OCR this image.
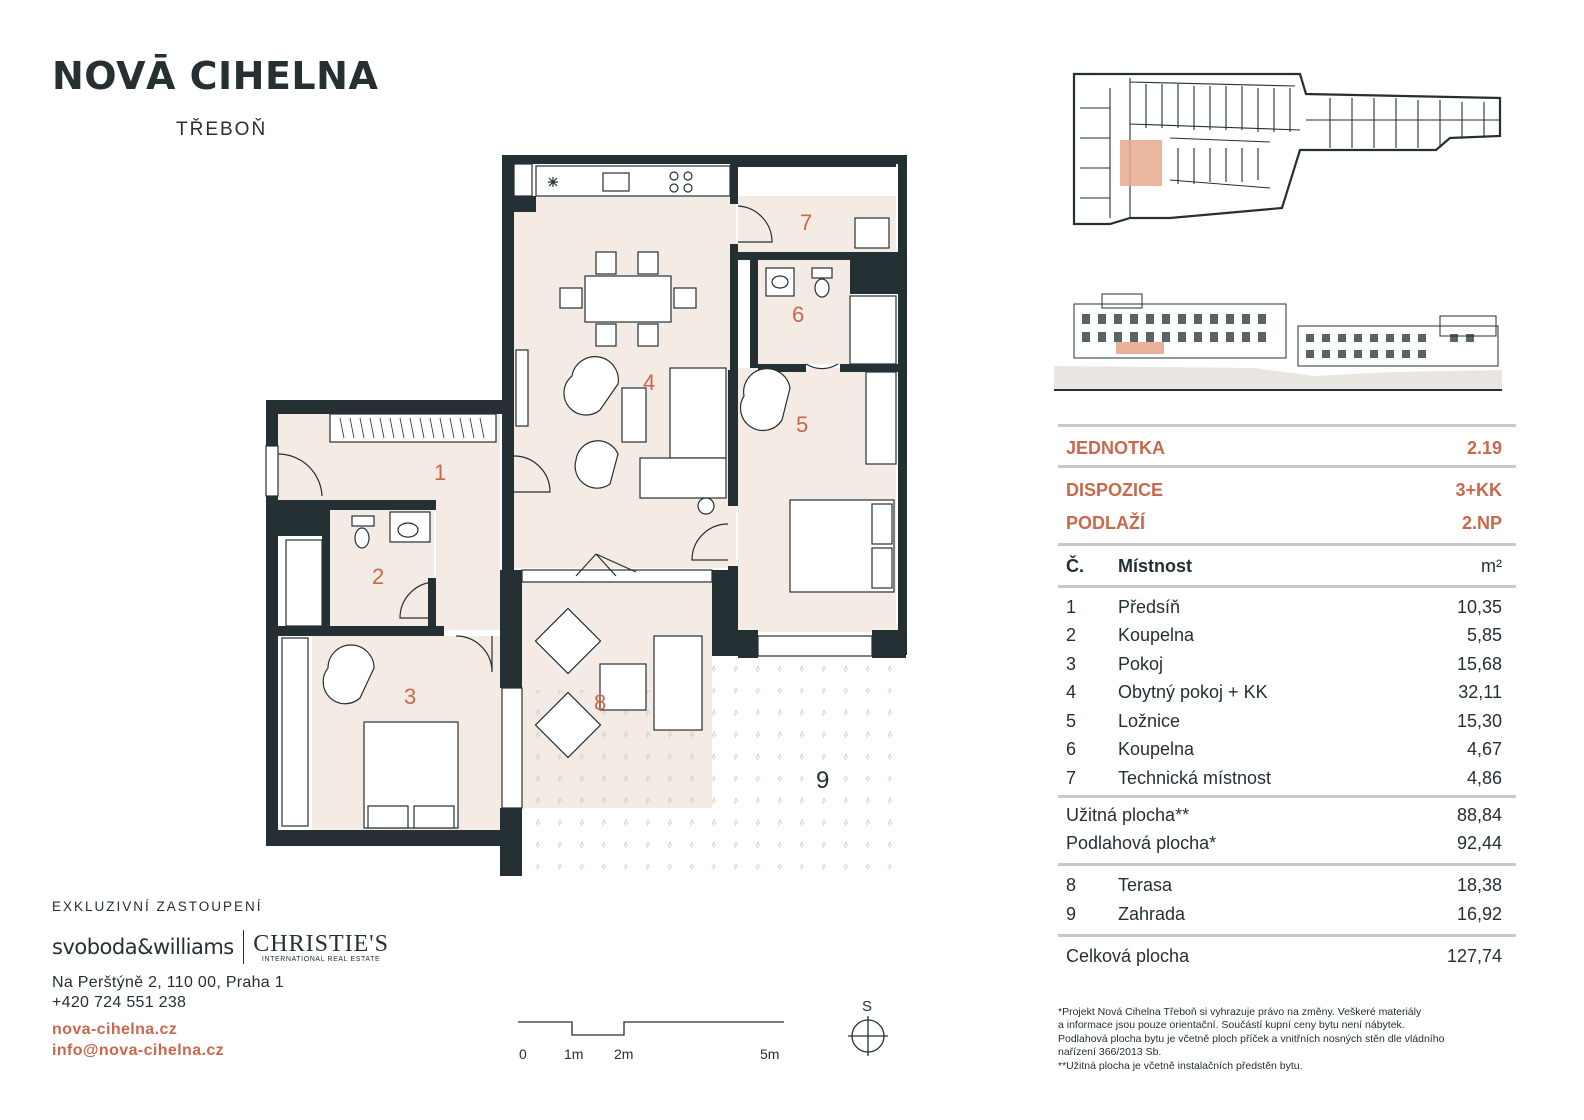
NOVĀ CIHELNA
TŘEBOŇ
1
2
3
4
5
6
7
8
9
JEDNOTKA	2.19
DISPOZICE	3+KK
PODLAŽÍ	2.NP
Č. Místnost	m²
1 Předsíň	10,35
2 Koupelna	5,85
3 Pokoj	15,68
4 Obytný pokoj + KK	32,11
5 Ložnice	15,30
6 Koupelna	4,67
7 Technická místnost	4,86
Užitná plocha**	88,84
Podlahová plocha*	92,44
8 Terasa	18,38
9 Zahrada	16,92
Celková plocha	127,74
*Projekt Nová Cihelna Třeboň si vyhrazuje právo na změny. Veškeré materiály
a informace jsou pouze orientační. Součástí kupní ceny bytu není nábytek.
Podlahová plocha bytu je včetně ploch příček a vnitřních nosných stěn dle vládního
nařízení 366/2013 Sb.
**Užitná plocha je včetně instalačních předstěn bytu.
EXKLUZIVNÍ ZASTOUPENÍ
svoboda&williams CHRISTIE'S
INTERNATIONAL REAL ESTATE
Na Perštýně 2, 110 00, Praha 1
+420 724 551 238
nova-cihelna.cz
info@nova-cihelna.cz	0	1m 2m	5m
S
